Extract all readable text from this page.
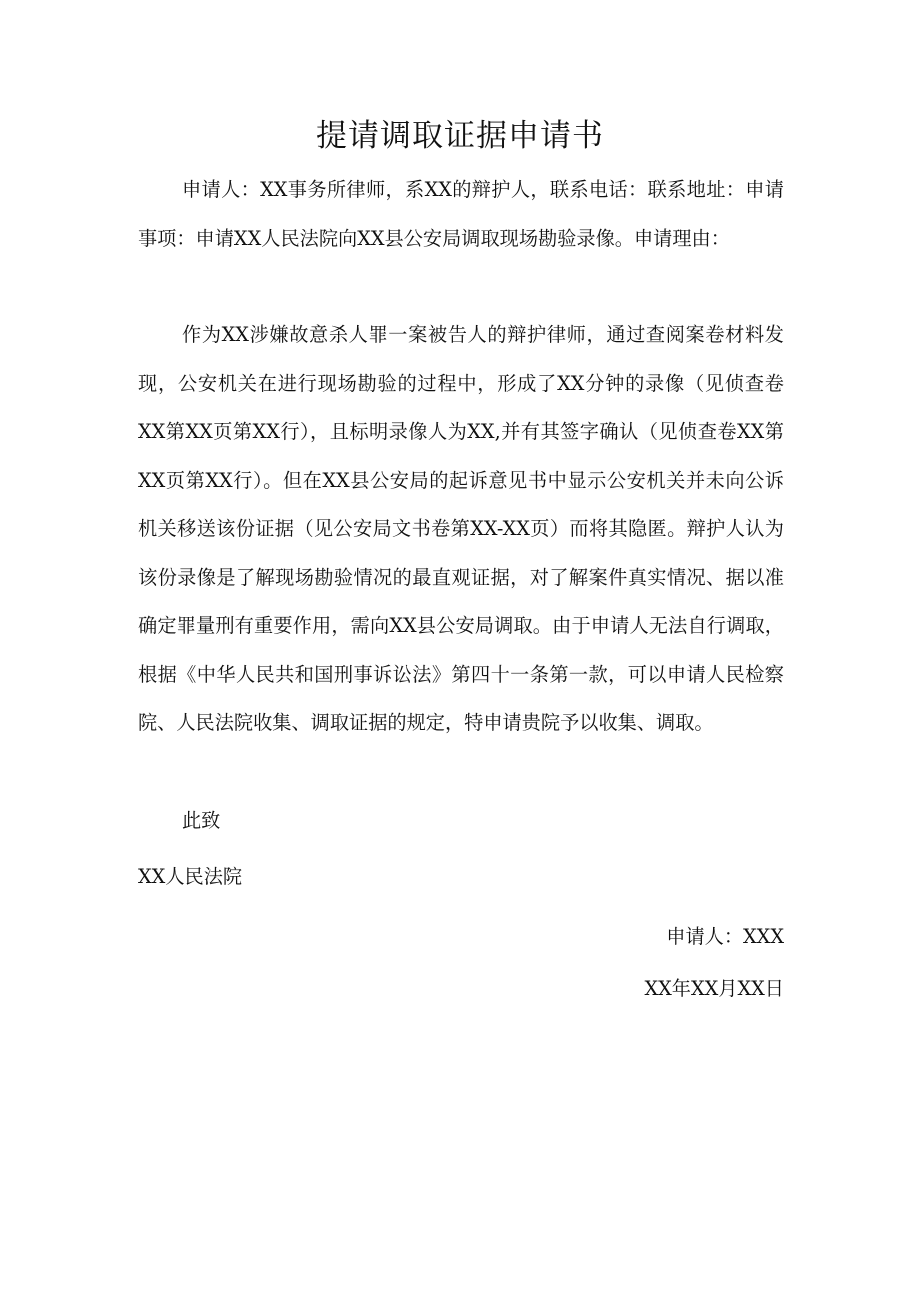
提请调取证据申请书

申请人：XX事务所律师，系XX的辩护人，联系电话：联系地址：申请事项：申请XX人民法院向XX县公安局调取现场勘验录像。申请理由：

作为XX涉嫌故意杀人罪一案被告人的辩护律师，通过查阅案卷材料发现，公安机关在进行现场勘验的过程中，形成了XX分钟的录像（见侦查卷XX第XX页第XX行），且标明录像人为XX,并有其签字确认（见侦查卷XX第XX页第XX行）。但在XX县公安局的起诉意见书中显示公安机关并未向公诉机关移送该份证据（见公安局文书卷第XX-XX页）而将其隐匿。辩护人认为该份录像是了解现场勘验情况的最直观证据，对了解案件真实情况、据以准确定罪量刑有重要作用，需向XX县公安局调取。由于申请人无法自行调取，根据《中华人民共和国刑事诉讼法》第四十一条第一款，可以申请人民检察院、人民法院收集、调取证据的规定，特申请贵院予以收集、调取。

此致

XX人民法院

申请人：XXX

XX年XX月XX日
